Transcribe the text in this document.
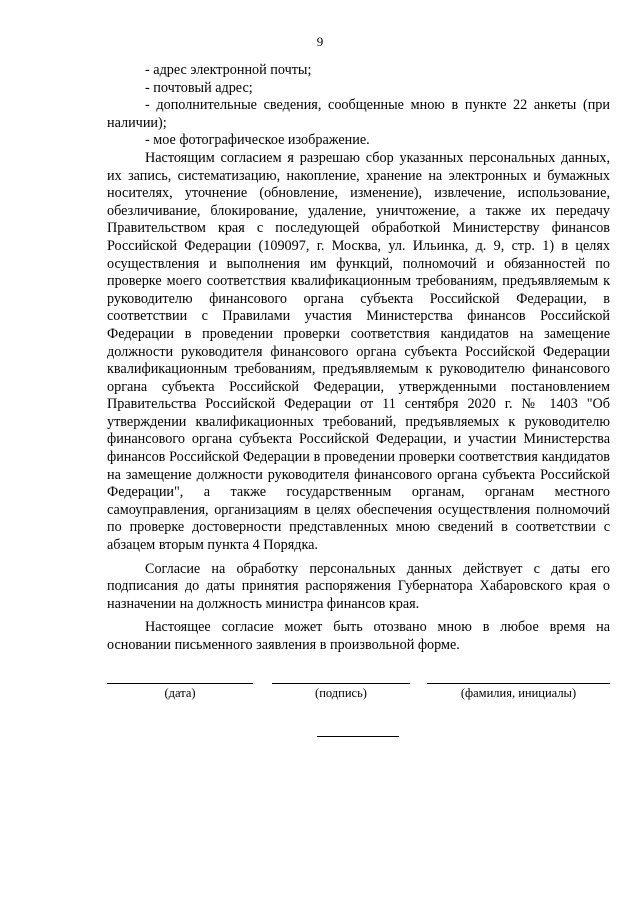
9

- адрес электронной почты;

- почтовый адрес;

- дополнительные сведения, сообщенные мною в пункте 22 анкеты (при наличии);

- мое фотографическое изображение.

Настоящим согласием я разрешаю сбор указанных персональных данных, их запись, систематизацию, накопление, хранение на электронных и бумажных носителях, уточнение (обновление, изменение), извлечение, использование, обезличивание, блокирование, удаление, уничтожение, а также их передачу Правительством края с последующей обработкой Министерству финансов Российской Федерации (109097, г. Москва, ул. Ильинка, д. 9, стр. 1) в целях осуществления и выполнения им функций, полномочий и обязанностей по проверке моего соответствия квалификационным требованиям, предъявляемым к руководителю финансового органа субъекта Российской Федерации, в соответствии с Правилами участия Министерства финансов Российской Федерации в проведении проверки соответствия кандидатов на замещение должности руководителя финансового органа субъекта Российской Федерации квалификационным требованиям, предъявляемым к руководителю финансового органа субъекта Российской Федерации, утвержденными постановлением Правительства Российской Федерации от 11 сентября 2020 г. № 1403 "Об утверждении квалификационных требований, предъявляемых к руководителю финансового органа субъекта Российской Федерации, и участии Министерства финансов Российской Федерации в проведении проверки соответствия кандидатов на замещение должности руководителя финансового органа субъекта Российской Федерации", а также государственным органам, органам местного самоуправления, организациям в целях обеспечения осуществления полномочий по проверке достоверности представленных мною сведений в соответствии с абзацем вторым пункта 4 Порядка.

Согласие на обработку персональных данных действует с даты его подписания до даты принятия распоряжения Губернатора Хабаровского края о назначении на должность министра финансов края.

Настоящее согласие может быть отозвано мною в любое время на основании письменного заявления в произвольной форме.

(дата)	(подпись)	(фамилия, инициалы)
